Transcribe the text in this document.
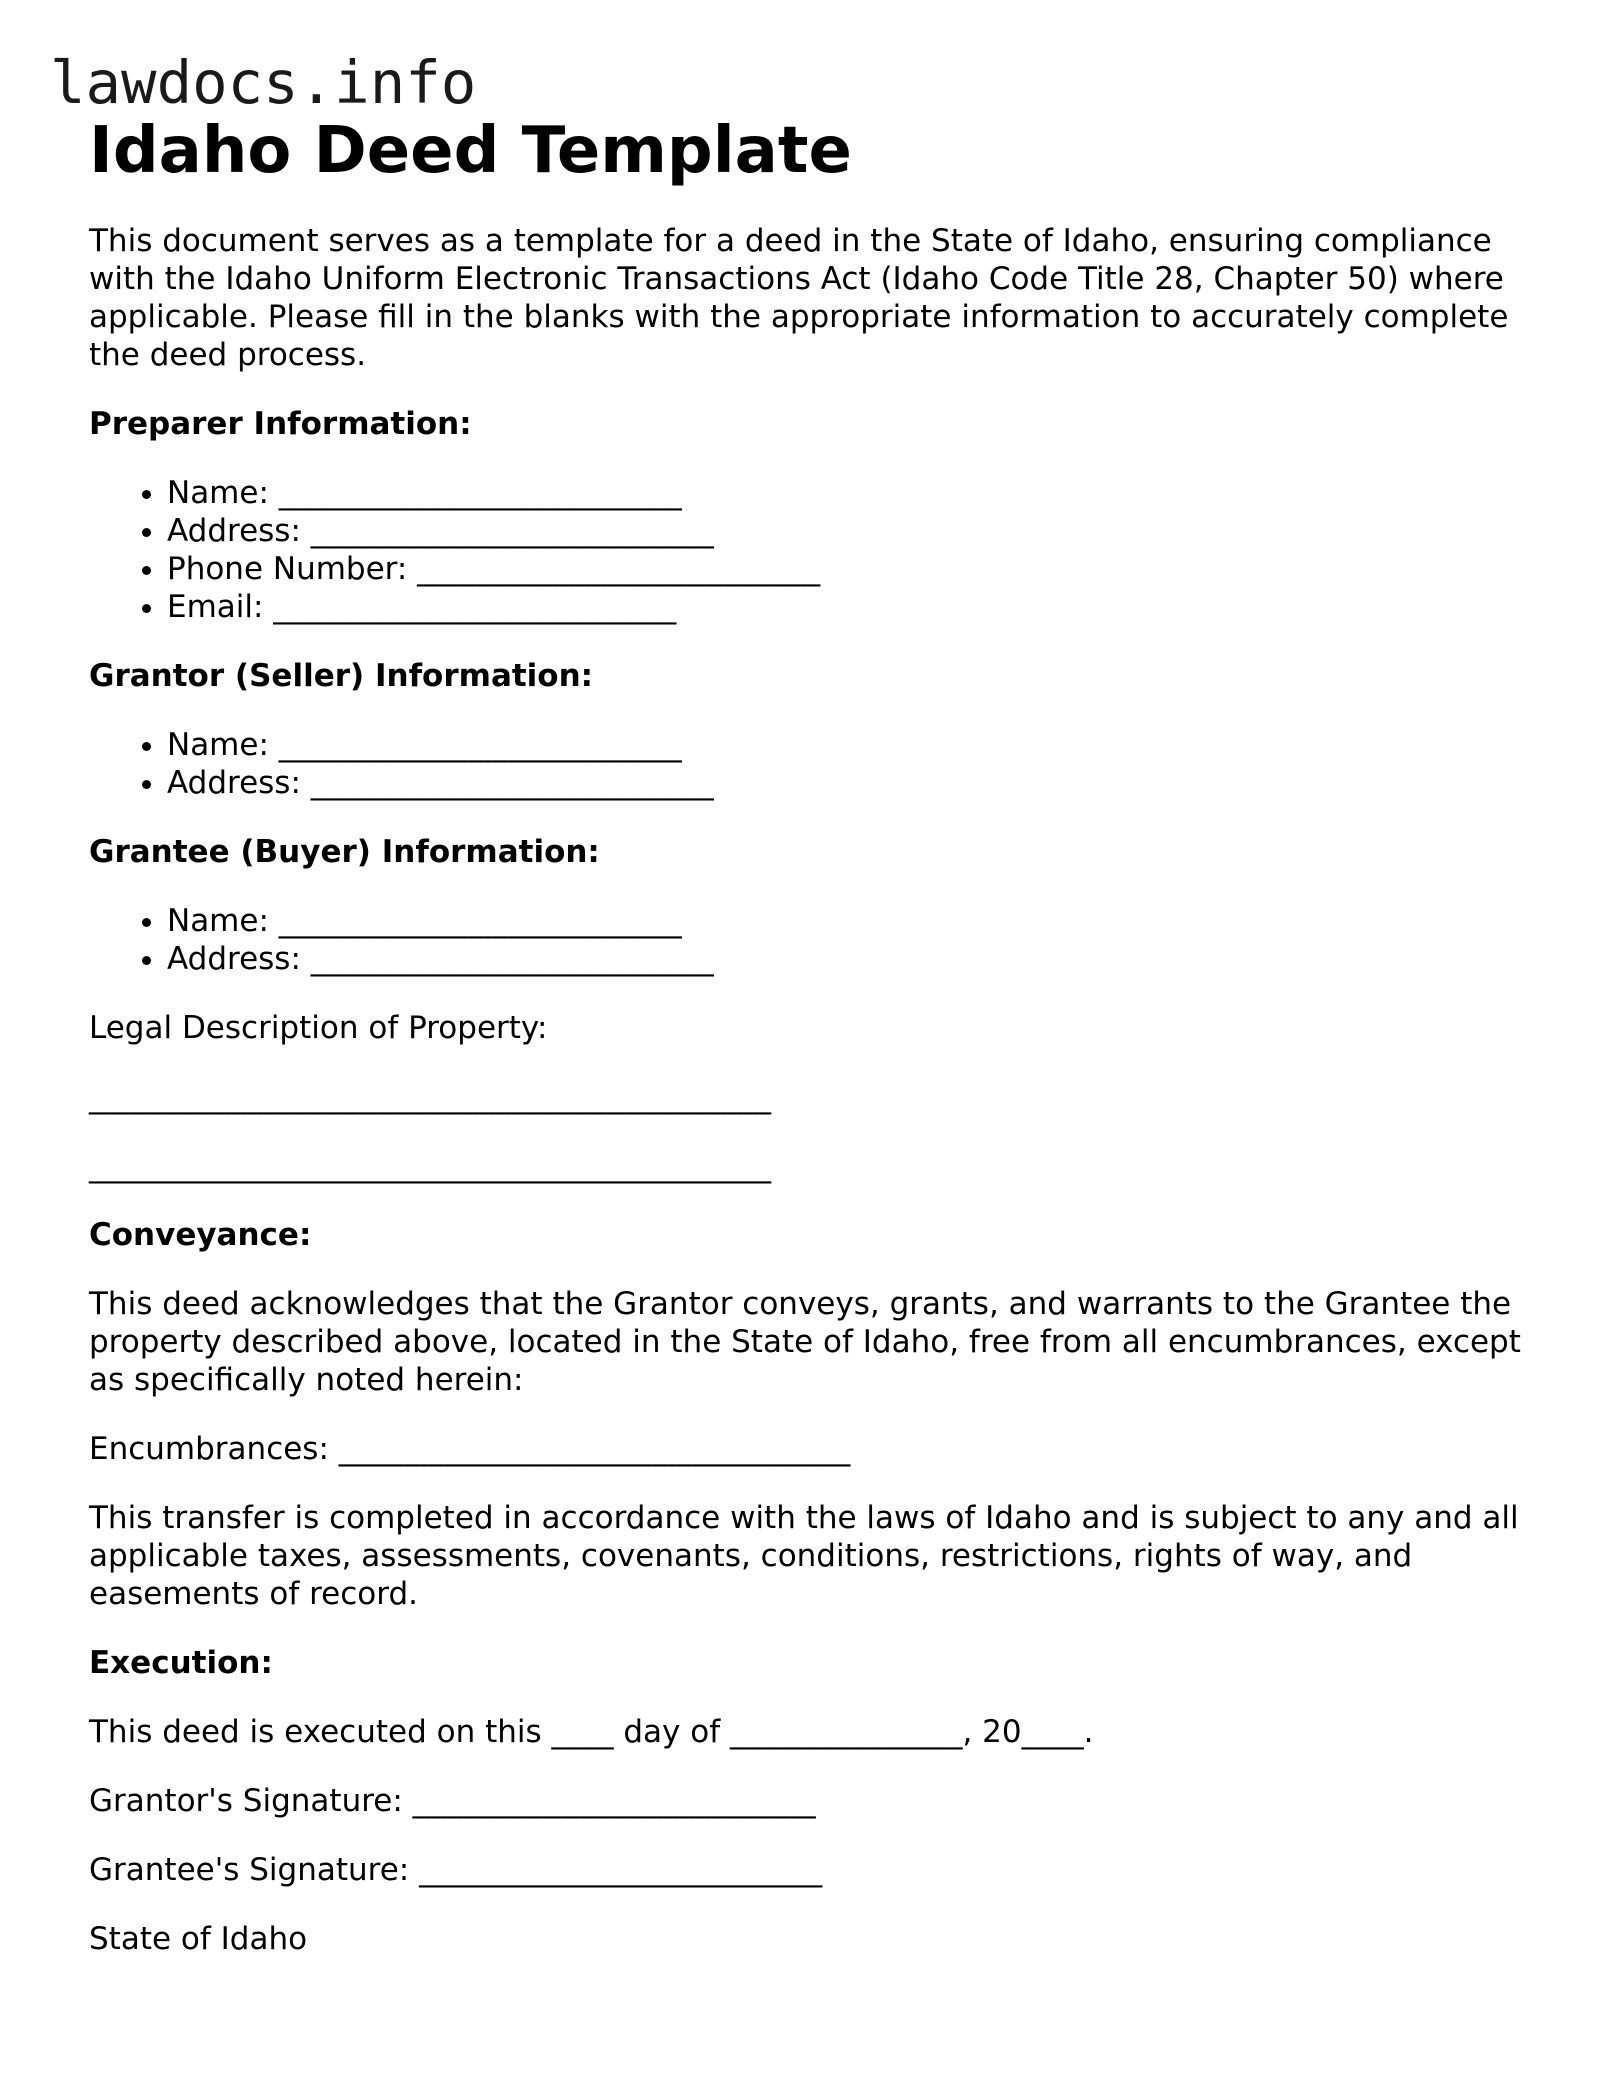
lawdocs.info
Idaho Deed Template

This document serves as a template for a deed in the State of Idaho, ensuring compliance with the Idaho Uniform Electronic Transactions Act (Idaho Code Title 28, Chapter 50) where applicable. Please fill in the blanks with the appropriate information to accurately complete the deed process.

Preparer Information:
• Name: __________________________
• Address: __________________________
• Phone Number: __________________________
• Email: __________________________
Grantor (Seller) Information:
• Name: __________________________
• Address: __________________________
Grantee (Buyer) Information:
• Name: __________________________
• Address: __________________________

Legal Description of Property:

____________________________________________
____________________________________________
Conveyance:

This deed acknowledges that the Grantor conveys, grants, and warrants to the Grantee the property described above, located in the State of Idaho, free from all encumbrances, except as specifically noted herein:

Encumbrances: _________________________________

This transfer is completed in accordance with the laws of Idaho and is subject to any and all applicable taxes, assessments, covenants, conditions, restrictions, rights of way, and easements of record.

Execution:

This deed is executed on this ____ day of _______________, 20____.

Grantor's Signature: __________________________

Grantee's Signature: __________________________

State of Idaho
